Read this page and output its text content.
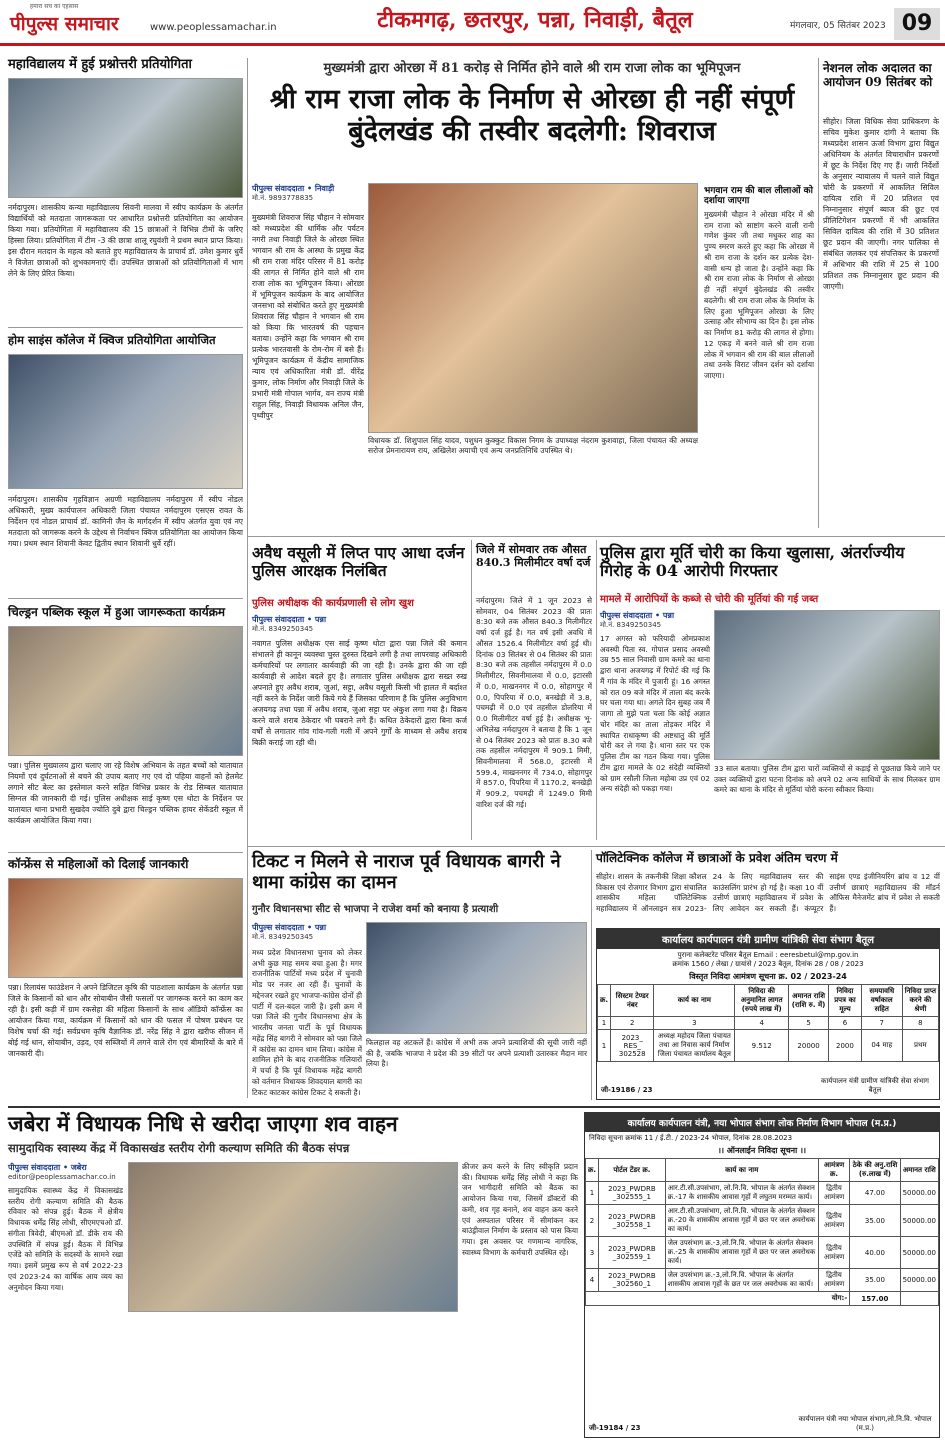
हमारा सच का एहसास
पीपुल्स समाचार	www.peoplessamachar.in	टीकमगढ़, छतरपुर, पन्ना, निवाड़ी, बैतूल	मंगलवार, 05 सितंबर 2023 09
महाविद्यालय में हुई प्रश्नोत्तरी प्रतियोगिता
नर्मदापुरम। शासकीय कन्या महाविद्यालय सिवनी मालवा में स्वीप कार्यक्रम के अंतर्गत विद्यार्थियों को मतदाता जागरूकता पर आधारित प्रश्नोत्तरी प्रतियोगिता का आयोजन किया गया। प्रतियोगिता में महाविद्यालय की 15 छात्राओं ने विभिन्न टीमों के जरिए हिस्सा लिया। प्रतियोगिता में टीम -3 की छात्रा शालू रघुवंशी ने प्रथम स्थान प्राप्त किया। इस दौरान मतदान के महत्व को बताते हुए महाविद्यालय के प्राचार्य डॉ. उमेश कुमार धुर्वे ने विजेता छात्राओं को शुभकामनाएं दीं। उपस्थित छात्राओं को प्रतियोगिताओं में भाग लेने के लिए प्रेरित किया।
होम साइंस कॉलेज में क्विज प्रतियोगिता आयोजित
नर्मदापुरम। शासकीय गृहविज्ञान अग्रणी महाविद्यालय नर्मदापुरम में स्वीप नोडल अधिकारी, मुख्य कार्यपालन अधिकारी जिला पंचायत नर्मदापुरम एसएस रावत के निर्देशन एवं नोडल प्राचार्य डॉ. कामिनी जैन के मार्गदर्शन में स्वीप अंतर्गत युवा एवं नए मतदाता को जागरूक करने के उद्देश्य से निर्वाचन क्विज प्रतियोगिता का आयोजन किया गया। प्रथम स्थान शिवानी केवट द्वितीय स्थान शिवानी धुर्वे रहीं।
चिल्ड्रन पब्लिक स्कूल में हुआ जागरूकता कार्यक्रम
पन्ना। पुलिस मुख्यालय द्वारा चलाए जा रहे विशेष अभियान के तहत बच्चों को यातायात नियमों एवं दुर्घटनाओं से बचने की उपाय बताए गए एवं दो पहिया वाहनों को हेलमेट लगाने सीट बेल्ट का इस्तेमाल करने सहित विभिन्न प्रकार के रोड सिम्बल यातायात सिग्नल की जानकारी दी गई। पुलिस अधीक्षक साई कृष्ण एस थोटा के निर्देशन पर यातायात थाना प्रभारी सुखदेव ज्योति दुबे द्वारा चिल्ड्रन पब्लिक हायर सेकेंडरी स्कूल में कार्यक्रम आयोजित किया गया।
कॉन्फ्रेंस से महिलाओं को दिलाई जानकारी
पन्ना। रिलायंस फाउंडेशन ने अपने डिजिटल कृषि की पाठशाला कार्यक्रम के अंतर्गत पन्ना जिले के किसानों को धान और सोयाबीन जैसी फसलों पर जागरूक करने का काम कर रही है। इसी कड़ी में ग्राम रकसेहा की महिला किसानों के साथ ऑडियो कॉन्फ्रेंस का आयोजन किया गया, कार्यक्रम में किसानों को धान की फसल में पोषण प्रबंधन पर विशेष चर्चा की गई। सर्वप्रथम कृषि वैज्ञानिक डॉ. नरेंद्र सिंह ने द्वारा खरीफ सीजन में बोई गई धान, सोयाबीन, उड़द, एवं सब्जियों में लगने वाले रोग एवं बीमारियों के बारे में जानकारी दी।
मुख्यमंत्री द्वारा ओरछा में 81 करोड़ से निर्मित होने वाले श्री राम राजा लोक का भूमिपूजन
श्री राम राजा लोक के निर्माण से ओरछा ही नहीं संपूर्ण बुंदेलखंड की तस्वीर बदलेगी: शिवराज
पीपुल्स संवाददाता • निवाड़ी
मो.नं. 9893778835
मुख्यमंत्री शिवराज सिंह चौहान ने सोमवार को मध्यप्रदेश की धार्मिक और पर्यटन नगरी तथा निवाड़ी जिले के ओरछा स्थित भगवान श्री राम के आस्था के प्रमुख केंद्र श्री राम राजा मंदिर परिसर में 81 करोड़ की लागत से निर्मित होने वाले श्री राम राजा लोक का भूमिपूजन किया। ओरछा में भूमिपूजन कार्यक्रम के बाद आयोजित जनसभा को संबोधित करते हुए मुख्यमंत्री शिवराज सिंह चौहान ने भगवान श्री राम को किया कि भारतवर्ष की पहचान बताया। उन्होंने कहा कि भगवान श्री राम प्रत्येक भारतवासी के रोम-रोम में बसे हैं। भूमिपूजन कार्यक्रम में केंद्रीय सामाजिक न्याय एवं अधिकारिता मंत्री डॉ. वीरेंद्र कुमार, लोक निर्माण और निवाड़ी जिले के प्रभारी मंत्री गोपाल भार्गव, वन राज्य मंत्री राहुल सिंह, निवाड़ी विधायक अनिल जैन, पृथ्वीपुर
विधायक डॉ. शिशुपाल सिंह यादव, पशुधन कुक्कुट विकास निगम के उपाध्यक्ष नंदराम कुशवाहा, जिला पंचायत की अध्यक्ष सरोज प्रेमनारायण राय, अखिलेश अयाची एवं अन्य जनप्रतिनिधि उपस्थित थे।
भगवान राम की बाल लीलाओं को दर्शाया जाएगा
मुख्यमंत्री चौहान ने ओरछा मंदिर में श्री राम राजा को साष्टांग करने वाली रानी गणेश कुंवर जी तथा मधुकर शाह का पुण्य स्मरण करते हुए कहा कि ओरछा में श्री राम राजा के दर्शन कर प्रत्येक देश-वासी धन्य हो जाता है। उन्होंने कहा कि श्री राम राजा लोक के निर्माण से ओरछा ही नहीं संपूर्ण बुंदेलखंड की तस्वीर बदलेगी। श्री राम राजा लोक के निर्माण के लिए हुआ भूमिपूजन ओरछा के लिए उत्साह और सौभाग्य का दिन है। इस लोक का निर्माण 81 करोड़ की लागत से होगा। 12 एकड़ में बनने वाले श्री राम राजा लोक में भगवान श्री राम की बाल लीलाओं तथा उनके विराट जीवन दर्शन को दर्शाया जाएगा।
नेशनल लोक अदालत का आयोजन 09 सितंबर को
सीहोर। जिला विधिक सेवा प्राधिकरण के सचिव मुकेश कुमार दांगी ने बताया कि मध्यप्रदेश शासन ऊर्जा विभाग द्वारा विद्युत अधिनियम के अंतर्गत विचाराधीन प्रकरणों में छूट के निर्देश दिए गए हैं। जारी निर्देशों के अनुसार न्यायालय में चलने वाले विद्युत चोरी के प्रकरणों में आकलित सिविल दायित्व राशि में 20 प्रतिशत एवं निम्नानुसार संपूर्ण ब्याज की छूट एवं प्रीलिटिगेशन प्रकरणों में भी आकलित सिविल दायित्व की राशि में 30 प्रतिशत छूट प्रदान की जाएगी। नगर पालिका से संबंधित जलकर एवं संपत्तिकर के प्रकरणों में अधिभार की राशि में 25 से 100 प्रतिशत तक निम्नानुसार छूट प्रदान की जाएगी।
अवैध वसूली में लिप्त पाए आधा दर्जन पुलिस आरक्षक निलंबित
पुलिस अधीक्षक की कार्यप्रणाली से लोग खुश
पीपुल्स संवाददाता • पन्ना
मो.नं. 8349250345
नवागत पुलिस अधीक्षक एस साई कृष्ण थोटा द्वारा पन्ना जिले की कमान संभालने ही कानून व्यवस्था चुस्त दुरुस्त दिखने लगी है तथा लापरवाह अधिकारी कर्मचारियों पर लगातार कार्यवाही की जा रही है। उनके द्वारा की जा रही कार्यवाही से आदेश बदले हुए है। लगातार पुलिस अधीक्षक द्वारा सख्त रुख अपनाते हुए अवैध शराब, जुआं, सट्टा, अवैध वसूली किसी भी हालत में बर्दाश्त नहीं करने के निर्देश जारी किये गये हैं जिसका परिणाम है कि पुलिस अनुविभाग अजयगढ़ तथा पन्ना में अवैध शराब, जुआ सट्टा पर अंकुश लगा गया है। विक्रय करने वाले शराब ठेकेदार भी घबराने लगे हैं। कथित ठेकेदारों द्वारा बिना कर्ज वर्षों से लगातार गांव गांव-गली गली में अपने गुर्गों के माध्यम से अवैध शराब बिक्री कराई जा रही थी।
जिले में सोमवार तक औसत 840.3 मिलीमीटर वर्षा दर्ज
नर्मदापुरम। जिले में 1 जून 2023 से सोमवार, 04 सितंबर 2023 की प्रातः 8:30 बजे तक औसत 840.3 मिलीमीटर वर्षा दर्ज हुई है। गत वर्ष इसी अवधि में औसत 1526.4 मिलीमीटर वर्षा हुई थी। दिनांक 03 सितंबर से 04 सितंबर की प्रातः 8:30 बजे तक तहसील नर्मदापुरम में 0.0 मिलीमीटर, सिवनीमालवा में 0.0, इटारसी में 0.0, माखननगर में 0.0, सोहागपुर में 0.0, पिपरिया में 0.0, बनखेड़ी में 3.8, पचमढ़ी में 0.0 एवं तहसील डोलरिया में 0.0 मिलीमीटर वर्षा हुई है। अधीक्षक भू-अभिलेख नर्मदापुरम ने बताया है कि 1 जून से 04 सितंबर 2023 को प्रातः 8.30 बजे तक तहसील नर्मदापुरम में 909.1 मिमी, सिवनीमालवा में 568.0, इटारसी में 599.4, माखननगर में 734.0, सोहागपुर में 857.0, पिपरिया में 1170.2, बनखेड़ी में 909.2, पचमढ़ी में 1249.0 मिमी वारिश दर्ज की गई।
पुलिस द्वारा मूर्ति चोरी का किया खुलासा, अंतर्राज्यीय गिरोह के 04 आरोपी गिरफ्तार
मामले में आरोपियों के कब्जे से चोरी की मूर्तियां की गई जब्त
पीपुल्स संवाददाता • पन्ना
मो.नं. 8349250345
17 अगस्त को फरियादी ओमप्रकाश अवस्थी पिता स्व. गोपाल प्रसाद अवस्थी उम्र 55 साल निवासी ग्राम कमरे का थाना द्वारा थाना अजयगढ़ में रिपोर्ट की गई कि मैं गांव के मंदिर में पुजारी हूं। 16 अगस्त को रात 09 बजे मंदिर में ताला बंद करके घर चला गया था। अगले दिन सुबह जब मैं जागा तो मुझे पता चला कि कोई अज्ञात चोर मंदिर का ताला तोड़कर मंदिर में स्थापित राधाकृष्ण की अष्टधातु की मूर्ति चोरी कर ले गया है। थाना स्तर पर एक पुलिस टीम का गठन किया गया। पुलिस टीम द्वारा मामले के 02 संदेही व्यक्तियों को ग्राम रसौली जिला महोबा उप्र एवं 02 अन्य संदेही को पकड़ा गया।
33 साल बताया। पुलिस टीम द्वारा चारों व्यक्तियों से कड़ाई से पूछताछ किये जाने पर उक्त व्यक्तियों द्वारा घटना दिनांक को अपने 02 अन्य साथियों के साथ मिलकर ग्राम कमरे का थाना के मंदिर से मूर्तियां चोरी करना स्वीकार किया।
टिकट न मिलने से नाराज पूर्व विधायक बागरी ने थामा कांग्रेस का दामन
गुनौर विधानसभा सीट से भाजपा ने राजेश वर्मा को बनाया है प्रत्याशी
पीपुल्स संवाददाता • पन्ना
मो.नं. 8349250345
मध्य प्रदेश विधानसभा चुनाव को लेकर अभी कुछ माह समय बचा हुआ है। मगर राजनीतिक पार्टियों मध्य प्रदेश में चुनावी मोड पर नजर आ रही हैं। चुनावों के मद्देनजर रखते हुए भाजपा-कांग्रेस दोनों ही पार्टी में दल-बदल जारी है। इसी क्रम में पन्ना जिले की गुनौर विधानसभा क्षेत्र के भारतीय जनता पार्टी के पूर्व विधायक महेंद्र सिंह बागरी ने सोमवार को पन्ना जिले में कांग्रेस का दामन थाम लिया। कांग्रेस में शामिल होने के बाद राजनीतिक गलियारों में चर्चा है कि पूर्व विधायक महेंद्र बागरी को वर्तमान विधायक शिवदयाल बागरी का टिकट काटकर कांग्रेस टिकट दे सकती है।
फिलहाल वह अटकलें हैं। कांग्रेस में अभी तक अपने प्रत्याशियों की सूची जारी नहीं की है, जबकि भाजपा ने प्रदेश की 39 सीटों पर अपने प्रत्याशी उतारकर मैदान मार लिया है।
पॉलिटेक्निक कॉलेज में छात्राओं के प्रवेश अंतिम चरण में
सीहोर। शासन के तकनीकी शिक्षा कौशल विकास एवं रोजगार विभाग द्वारा संचालित शासकीय महिला पॉलिटेक्निक महाविद्यालय में ऑनलाइन सत्र 2023-24 के लिए महाविद्यालय स्तर की काउंसलिंग प्रारंभ हो गई है। कक्षा 10 वीं उत्तीर्ण छात्राएं महाविद्यालय में प्रवेश के लिए आवेदन कर सकती हैं। कंप्यूटर साइंस एण्ड इंजीनियरिंग ब्रांच व 12 वीं उत्तीर्ण छात्राएं महाविद्यालय की मॉडर्न ऑफिस मैनेजमेंट ब्रांच में प्रवेश ले सकती हैं।
कार्यालय कार्यपालन यंत्री ग्रामीण यांत्रिकी सेवा संभाग बैतूल
पुराना कलेक्टरेट परिसर बैतूल Email : eeresbetul@mp.gov.in
क्रमांक 1560 / लेखा / ग्रायांसे / 2023 बैतूल, दिनांक 28 / 08 / 2023
विस्तृत निविदा आमंत्रण सूचना क्र. 02 / 2023-24
क्र.	सिस्टम टेण्डर नंबर	कार्य का नाम	निविदा की अनुमानित लागत (रुपये लाख में)	अमानत राशि (राशि रु. में)	निविदा प्रपत्र का मूल्य	समयावधि वर्षाकाल सहित	निविदा प्राप्त करने की श्रेणी
1	2	3	4	5	6	7	8
1	2023_ RES_ 302528	अध्यक्ष महोदय जिला पंचायत तथा आ निवास कार्य निर्माण जिला पंचायत कार्यालय बैतूल	9.512	20000	2000	04 माह	प्रथम
जी-19186 / 23
कार्यपालन यंत्री ग्रामीण यांत्रिकी सेवा संभाग बैतूल
जबेरा में विधायक निधि से खरीदा जाएगा शव वाहन
सामुदायिक स्वास्थ्य केंद्र में विकासखंड स्तरीय रोगी कल्याण समिति की बैठक संपन्न
पीपुल्स संवाददाता • जबेरा
editor@peoplessamachar.co.in
सामुदायिक स्वास्थ्य केंद्र में विकासखंड स्तरीय रोगी कल्याण समिति की बैठक रविवार को संपन्न हुई। बैठक में क्षेत्रीय विधायक धर्मेंद्र सिंह लोधी, सीएमएचओ डॉ. संगीता त्रिवेदी, बीएमओ डॉ. डीके राय की उपस्थिति में संपन्न हुई। बैठक में विभिन्न एजेंडे को समिति के सदस्यों के सामने रखा गया। इसमें प्रमुख रूप से वर्ष 2022-23 एवं 2023-24 का वार्षिक आय व्यय का अनुमोदन किया गया।
क्रीजर क्रय करने के लिए स्वीकृति प्रदान की। विधायक धर्मेंद्र सिंह लोधी ने कहा कि जन भागीदारी समिति को बैठक का आयोजन किया गया, जिसमें डॉक्टरों की कमी, शव गृह बनाने, शव वाहन क्रय करने एवं अस्पताल परिसर में सीमांकन कर बाउंड्रीवाल निर्माण के प्रस्ताव को पास किया गया। इस अवसर पर गणमान्य नागरिक, स्वास्थ्य विभाग के कर्मचारी उपस्थित रहे।
कार्यालय कार्यपालन यंत्री, नया भोपाल संभाग लोक निर्माण विभाग भोपाल (म.प्र.)
निविदा सूचना क्रमांक 11 / ई.टी. / 2023-24 भोपाल, दिनांक 28.08.2023
।। ऑनलाईन निविदा सूचना ।।
क्र.	पोर्टल टेंडर क्र.	कार्य का नाम	आमंत्रण क्र.	ठेके की अनु.राशि (रु.लाख में)	अमानत राशि
1	2023_PWDRB _302555_1	आर.टी.सी.उपसंभाग, लो.नि.वि. भोपाल के अंतर्गत सेक्शन क्र.-17 के शासकीय आवास गृहों में लघुतम मरम्मत कार्य।	द्वितीय आमंत्रण	47.00	50000.00
2	2023_PWDRB _302558_1	आर.टी.सी.उपसंभाग, लो.नि.वि. भोपाल के अंतर्गत सेक्शन क्र.-20 के शासकीय आवास गृहों में छत पर जल अवरोधक का कार्य।	द्वितीय आमंत्रण	35.00	50000.00
3	2023_PWDRB _302559_1	जेल उपसंभाग क्र.-3,लो.नि.वि. भोपाल के अंतर्गत सेक्शन क्र.-25 के शासकीय आवास गृहों में छत पर जल अवरोधक कार्य।	द्वितीय आमंत्रण	40.00	50000.00
4	2023_PWDRB _302560_1	जेल उपसंभाग क्र.-3,लो.नि.वि. भोपाल के अंतर्गत शासकीय आवास गृहों के छत पर जल अवरोधक का कार्य।	द्वितीय आमंत्रण	35.00	50000.00
योग:-				157.00	
जी-19184 / 23
कार्यपालन यंत्री नया भोपाल संभाग,लो.नि.वि. भोपाल (म.प्र.)
